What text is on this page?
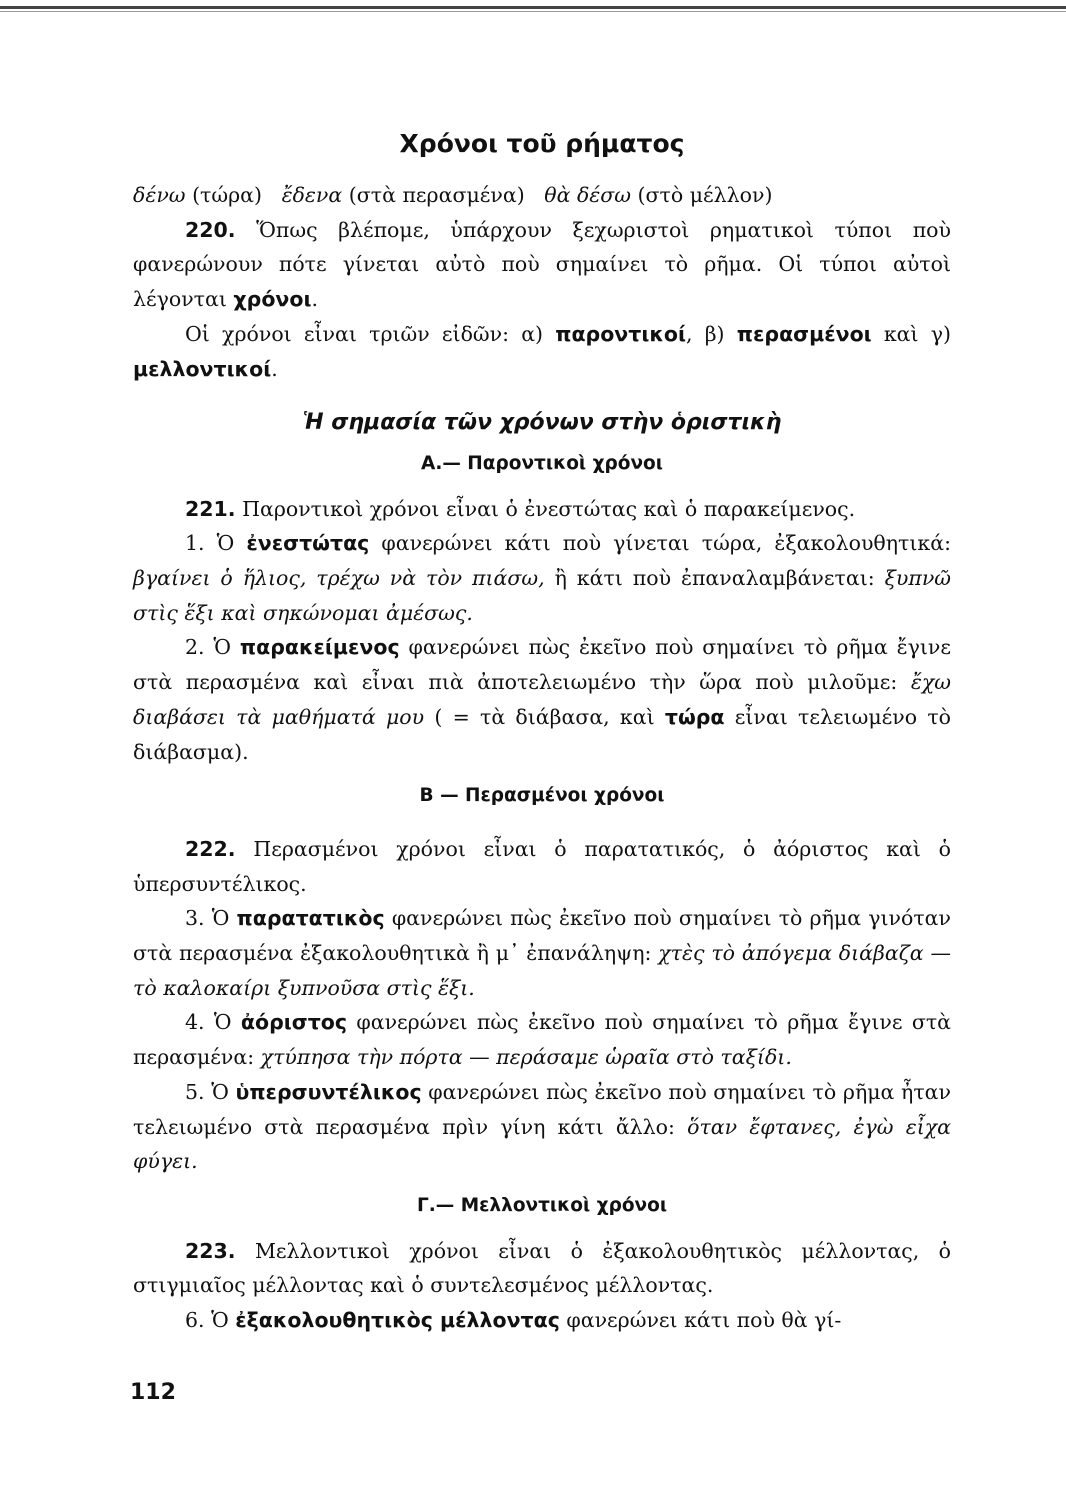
Χρόνοι τοῦ ρήματος

δένω (τώρα) ἔδενα (στὰ περασμένα) θὰ δέσω (στὸ μέλλον)

220. Ὅπως βλέπομε, ὑπάρχουν ξεχωριστοὶ ρηματικοὶ τύποι ποὺ φανερώνουν πότε γίνεται αὐτὸ ποὺ σημαίνει τὸ ρῆμα. Οἱ τύποι αὐτοὶ λέγονται χρόνοι.

Οἱ χρόνοι εἶναι τριῶν εἰδῶν: α) παροντικοί, β) περασμένοι καὶ γ) μελλοντικοί.

Ἡ σημασία τῶν χρόνων στὴν ὁριστικὴ
Α.— Παροντικοὶ χρόνοι

221. Παροντικοὶ χρόνοι εἶναι ὁ ἐνεστώτας καὶ ὁ παρακείμενος.

1. Ὁ ἐνεστώτας φανερώνει κάτι ποὺ γίνεται τώρα, ἐξακολουθητικά: βγαίνει ὁ ἥλιος, τρέχω νὰ τὸν πιάσω, ἢ κάτι ποὺ ἐπαναλαμβάνεται: ξυπνῶ στὶς ἕξι καὶ σηκώνομαι ἀμέσως.

2. Ὁ παρακείμενος φανερώνει πὼς ἐκεῖνο ποὺ σημαίνει τὸ ρῆμα ἔγινε στὰ περασμένα καὶ εἶναι πιὰ ἀποτελειωμένο τὴν ὥρα ποὺ μιλοῦμε: ἔχω διαβάσει τὰ μαθήματά μου ( = τὰ διάβασα, καὶ τώρα εἶναι τελειωμένο τὸ διάβασμα).

Β — Περασμένοι χρόνοι

222. Περασμένοι χρόνοι εἶναι ὁ παρατατικός, ὁ ἀόριστος καὶ ὁ ὑπερσυντέλικος.

3. Ὁ παρατατικὸς φανερώνει πὼς ἐκεῖνο ποὺ σημαίνει τὸ ρῆμα γινόταν στὰ περασμένα ἐξακολουθητικὰ ἢ μ᾽ ἐπανάληψη: χτὲς τὸ ἀπόγεμα διάβαζα — τὸ καλοκαίρι ξυπνοῦσα στὶς ἕξι.

4. Ὁ ἀόριστος φανερώνει πὼς ἐκεῖνο ποὺ σημαίνει τὸ ρῆμα ἔγινε στὰ περασμένα: χτύπησα τὴν πόρτα — περάσαμε ὡραῖα στὸ ταξίδι.

5. Ὁ ὑπερσυντέλικος φανερώνει πὼς ἐκεῖνο ποὺ σημαίνει τὸ ρῆμα ἦταν τελειωμένο στὰ περασμένα πρὶν γίνη κάτι ἄλλο: ὅταν ἔφτανες, ἐγὼ εἶχα φύγει.

Γ.— Μελλοντικοὶ χρόνοι

223. Μελλοντικοὶ χρόνοι εἶναι ὁ ἐξακολουθητικὸς μέλλοντας, ὁ στιγμιαῖος μέλλοντας καὶ ὁ συντελεσμένος μέλλοντας.

6. Ὁ ἐξακολουθητικὸς μέλλοντας φανερώνει κάτι ποὺ θὰ γί-

112
